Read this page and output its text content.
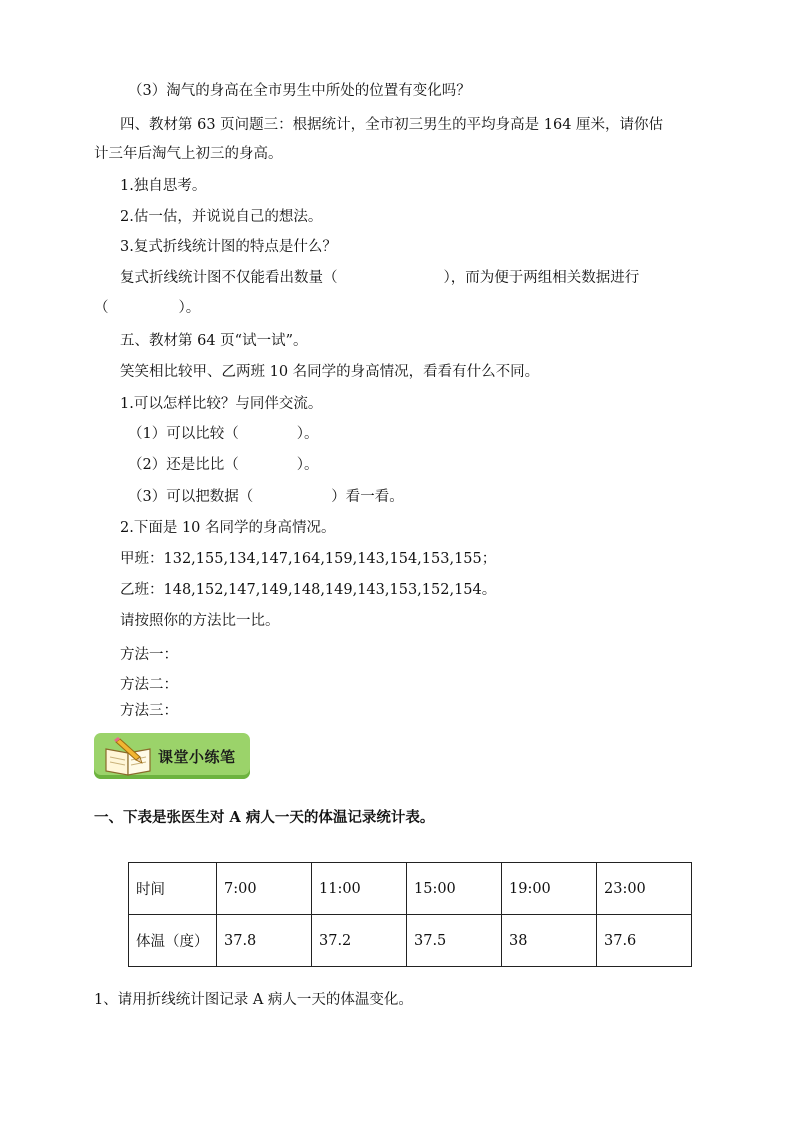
（3）淘气的身高在全市男生中所处的位置有变化吗？
四、教材第 63 页问题三：根据统计，全市初三男生的平均身高是 164 厘米，请你估
计三年后淘气上初三的身高。
1.独自思考。
2.估一估，并说说自己的想法。
3.复式折线统计图的特点是什么？
复式折线统计图不仅能看出数量（	），而为便于两组相关数据进行
（	）。
五、教材第 64 页“试一试”。
笑笑相比较甲、乙两班 10 名同学的身高情况，看看有什么不同。
1.可以怎样比较？与同伴交流。
（1）可以比较（	）。
（2）还是比比（	）。
（3）可以把数据（	）看一看。
2.下面是 10 名同学的身高情况。
甲班：132,155,134,147,164,159,143,154,153,155；
乙班：148,152,147,149,148,149,143,153,152,154。
请按照你的方法比一比。
方法一：
方法二：
方法三：
课堂小练笔
一、下表是张医生对 A 病人一天的体温记录统计表。
时间	7:00	11:00	15:00	19:00	23:00
体温（度）	37.8	37.2	37.5	38	37.6
1、请用折线统计图记录 A 病人一天的体温变化。
